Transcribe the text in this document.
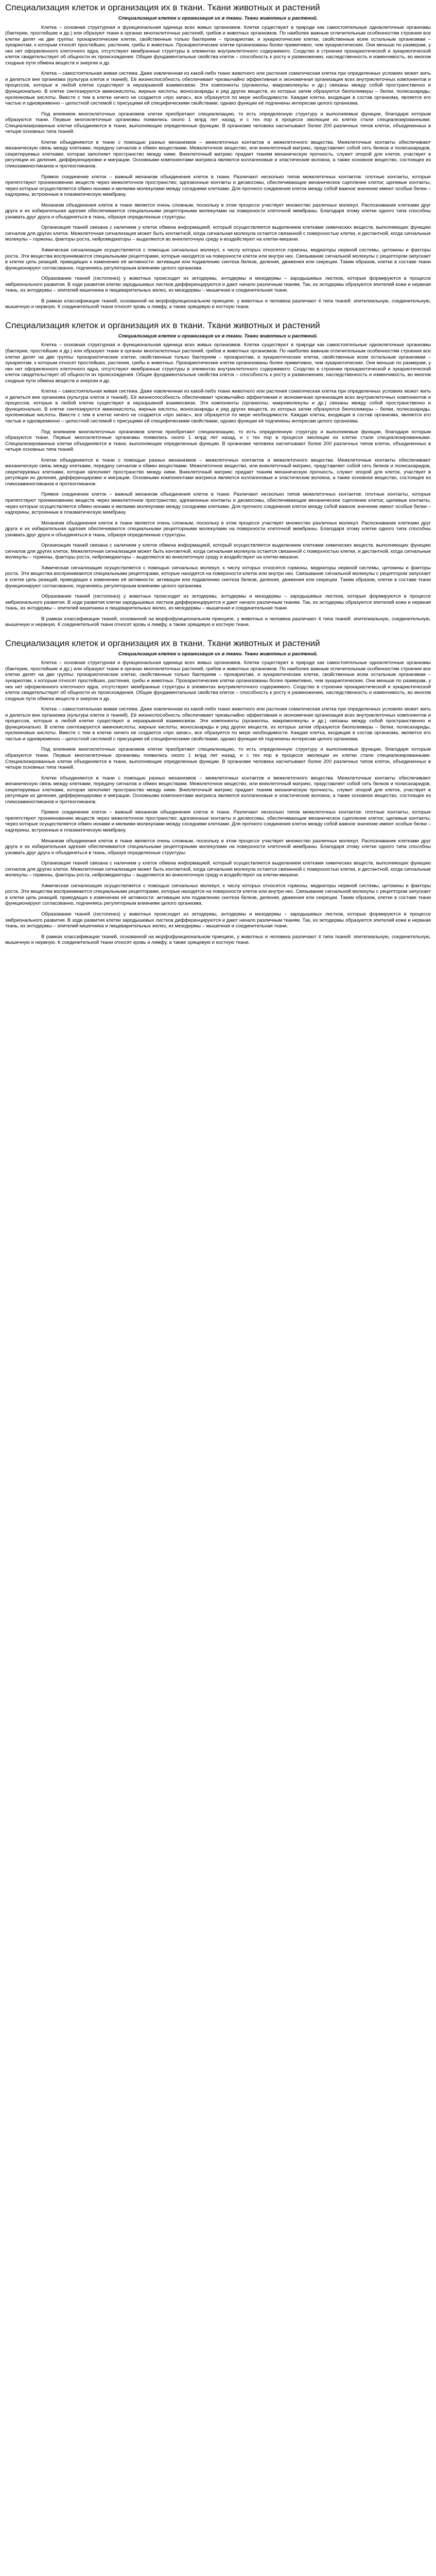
Специализация клеток и организация их в ткани. Ткани животных и растений
Специализация клеток и организация их в ткани. Ткани животных и растений.

Клетка – основная структурная и функциональная единица всех живых организмов. Клетки существуют в природе как самостоятельные одноклеточные организмы (бактерии, простейшие и др.) или образуют ткани в органах многоклеточных растений, грибов и животных организмов. По наиболее важным отличительным особенностям строения все клетки делят на две группы: прокариотические клетки, свойственные только бактериям – прокариотам, и эукариотические клетки, свойственные всем остальным организмам – эукариотам, к которым относят простейших, растения, грибы и животных. Прокариотические клетки организованы более примитивно, чем эукариотические. Они меньше по размерам, у них нет оформленного клеточного ядра, отсутствуют мембранные структуры в элементах внутриклеточного содержимого. Сходство в строении прокариотической и эукариотической клеток свидетельствует об общности их происхождения. Общие фундаментальные свойства клеток – способность к росту и размножению, наследственность и изменчивость, во многом сходные пути обмена веществ и энергии и др.

Клетка – самостоятельная живая система. Даже извлеченная из какой-либо ткани животного или растения соматическая клетка при определенных условиях может жить и делиться вне организма (культура клеток и тканей). Её жизнеспособность обеспечивает чрезвычайно эффективная и экономичная организация всех внутриклеточных компонентов и процессов, которые в любой клетке существуют в неразрывной взаимосвязи. Эти компоненты (органеллы, макромолекулы и др.) связаны между собой пространственно и функционально. В клетке синтезируются аминокислоты, жирные кислоты, моносахариды и ряд других веществ, из которых затем образуются биополимеры – белки, полисахариды, нуклеиновые кислоты. Вместе с тем в клетке ничего не создается «про запас», все образуется по мере необходимости. Каждая клетка, входящая в состав организма, является его частью и одновременно – целостной системой с присущими ей специфическими свойствами, однако функции её подчинены интересам целого организма.

Под влиянием многоклеточных организмов клетки приобретают специализацию, то есть определенную структуру и выполняемые функции, благодаря которым образуются ткани. Первые многоклеточные организмы появились около 1 млрд лет назад, и с тех пор в процессе эволюции их клетки стали специализированными. Специализированные клетки объединяются в ткани, выполняющие определенные функции. В организме человека насчитывают более 200 различных типов клеток, объединенных в четыре основных типа тканей.

Клетки объединяются в ткани с помощью разных механизмов – межклеточных контактов и межклеточного вещества. Межклеточные контакты обеспечивают механическую связь между клетками, передачу сигналов и обмен веществами. Межклеточное вещество, или внеклеточный матрикс, представляет собой сеть белков и полисахаридов, секретируемых клетками, которая заполняет пространство между ними. Внеклеточный матрикс придает тканям механическую прочность, служит опорой для клеток, участвует в регуляции их деления, дифференцировки и миграции. Основными компонентами матрикса являются коллагеновые и эластические волокна, а также основное вещество, состоящее из гликозаминогликанов и протеогликанов.

Прямое соединение клеток – важный механизм объединения клеток в ткани. Различают несколько типов межклеточных контактов: плотные контакты, которые препятствуют проникновению веществ через межклеточное пространство; адгезионные контакты и десмосомы, обеспечивающие механическое сцепление клеток; щелевые контакты, через которые осуществляется обмен ионами и мелкими молекулами между соседними клетками. Для прочного соединения клеток между собой важное значение имеют особые белки – кадгерины, встроенные в плазматическую мембрану.

Механизм объединения клеток в ткани является очень сложным, поскольку в этом процессе участвует множество различных молекул. Распознавание клетками друг друга и их избирательная адгезия обеспечиваются специальными рецепторными молекулами на поверхности клеточной мембраны. Благодаря этому клетки одного типа способны узнавать друг друга и объединяться в ткань, образуя определенные структуры.

Организация тканей связана с наличием у клеток обмена информацией, который осуществляется выделением клетками химических веществ, выполняющих функцию сигналов для других клеток. Межклеточная сигнализация может быть контактной, когда сигнальная молекула остается связанной с поверхностью клетки, и дистантной, когда сигнальные молекулы – гормоны, факторы роста, нейромедиаторы – выделяются во внеклеточную среду и воздействуют на клетки-мишени.

Химическая сигнализация осуществляется с помощью сигнальных молекул, к числу которых относятся гормоны, медиаторы нервной системы, цитокины и факторы роста. Эти вещества воспринимаются специальными рецепторами, которые находятся на поверхности клеток или внутри них. Связывание сигнальной молекулы с рецептором запускает в клетке цепь реакций, приводящих к изменению её активности: активации или подавлению синтеза белков, деления, движения или секреции. Таким образом, клетки в составе ткани функционируют согласованно, подчиняясь регуляторным влияниям целого организма.

Образование тканей (гистогенез) у животных происходит из эктодермы, энтодермы и мезодермы – зародышевых листков, которые формируются в процессе эмбрионального развития. В ходе развития клетки зародышевых листков дифференцируются и дают начало различным тканям. Так, из эктодермы образуются эпителий кожи и нервная ткань, из энтодермы – эпителий кишечника и пищеварительных желез, из мезодермы – мышечная и соединительная ткани.

В рамках классификации тканей, основанной на морфофункциональном принципе, у животных и человека различают 4 типа тканей: эпителиальную, соединительную, мышечную и нервную. К соединительной ткани относят кровь и лимфу, а также хрящевую и костную ткани.

Специализация клеток и организация их в ткани. Ткани животных и растений
Специализация клеток и организация их в ткани. Ткани животных и растений.

Клетка – основная структурная и функциональная единица всех живых организмов. Клетки существуют в природе как самостоятельные одноклеточные организмы (бактерии, простейшие и др.) или образуют ткани в органах многоклеточных растений, грибов и животных организмов. По наиболее важным отличительным особенностям строения все клетки делят на две группы: прокариотические клетки, свойственные только бактериям – прокариотам, и эукариотические клетки, свойственные всем остальным организмам – эукариотам, к которым относят простейших, растения, грибы и животных. Прокариотические клетки организованы более примитивно, чем эукариотические. Они меньше по размерам, у них нет оформленного клеточного ядра, отсутствуют мембранные структуры в элементах внутриклеточного содержимого. Сходство в строении прокариотической и эукариотической клеток свидетельствует об общности их происхождения. Общие фундаментальные свойства клеток – способность к росту и размножению, наследственность и изменчивость, во многом сходные пути обмена веществ и энергии и др.

Клетка – самостоятельная живая система. Даже извлеченная из какой-либо ткани животного или растения соматическая клетка при определенных условиях может жить и делиться вне организма (культура клеток и тканей). Её жизнеспособность обеспечивает чрезвычайно эффективная и экономичная организация всех внутриклеточных компонентов и процессов, которые в любой клетке существуют в неразрывной взаимосвязи. Эти компоненты (органеллы, макромолекулы и др.) связаны между собой пространственно и функционально. В клетке синтезируются аминокислоты, жирные кислоты, моносахариды и ряд других веществ, из которых затем образуются биополимеры – белки, полисахариды, нуклеиновые кислоты. Вместе с тем в клетке ничего не создается «про запас», все образуется по мере необходимости. Каждая клетка, входящая в состав организма, является его частью и одновременно – целостной системой с присущими ей специфическими свойствами, однако функции её подчинены интересам целого организма.

Под влиянием многоклеточных организмов клетки приобретают специализацию, то есть определенную структуру и выполняемые функции, благодаря которым образуются ткани. Первые многоклеточные организмы появились около 1 млрд лет назад, и с тех пор в процессе эволюции их клетки стали специализированными. Специализированные клетки объединяются в ткани, выполняющие определенные функции. В организме человека насчитывают более 200 различных типов клеток, объединенных в четыре основных типа тканей.

Клетки объединяются в ткани с помощью разных механизмов – межклеточных контактов и межклеточного вещества. Межклеточные контакты обеспечивают механическую связь между клетками, передачу сигналов и обмен веществами. Межклеточное вещество, или внеклеточный матрикс, представляет собой сеть белков и полисахаридов, секретируемых клетками, которая заполняет пространство между ними. Внеклеточный матрикс придает тканям механическую прочность, служит опорой для клеток, участвует в регуляции их деления, дифференцировки и миграции. Основными компонентами матрикса являются коллагеновые и эластические волокна, а также основное вещество, состоящее из гликозаминогликанов и протеогликанов.

Прямое соединение клеток – важный механизм объединения клеток в ткани. Различают несколько типов межклеточных контактов: плотные контакты, которые препятствуют проникновению веществ через межклеточное пространство; адгезионные контакты и десмосомы, обеспечивающие механическое сцепление клеток; щелевые контакты, через которые осуществляется обмен ионами и мелкими молекулами между соседними клетками. Для прочного соединения клеток между собой важное значение имеют особые белки – кадгерины, встроенные в плазматическую мембрану.

Механизм объединения клеток в ткани является очень сложным, поскольку в этом процессе участвует множество различных молекул. Распознавание клетками друг друга и их избирательная адгезия обеспечиваются специальными рецепторными молекулами на поверхности клеточной мембраны. Благодаря этому клетки одного типа способны узнавать друг друга и объединяться в ткань, образуя определенные структуры.

Организация тканей связана с наличием у клеток обмена информацией, который осуществляется выделением клетками химических веществ, выполняющих функцию сигналов для других клеток. Межклеточная сигнализация может быть контактной, когда сигнальная молекула остается связанной с поверхностью клетки, и дистантной, когда сигнальные молекулы – гормоны, факторы роста, нейромедиаторы – выделяются во внеклеточную среду и воздействуют на клетки-мишени.

Химическая сигнализация осуществляется с помощью сигнальных молекул, к числу которых относятся гормоны, медиаторы нервной системы, цитокины и факторы роста. Эти вещества воспринимаются специальными рецепторами, которые находятся на поверхности клеток или внутри них. Связывание сигнальной молекулы с рецептором запускает в клетке цепь реакций, приводящих к изменению её активности: активации или подавлению синтеза белков, деления, движения или секреции. Таким образом, клетки в составе ткани функционируют согласованно, подчиняясь регуляторным влияниям целого организма.

Образование тканей (гистогенез) у животных происходит из эктодермы, энтодермы и мезодермы – зародышевых листков, которые формируются в процессе эмбрионального развития. В ходе развития клетки зародышевых листков дифференцируются и дают начало различным тканям. Так, из эктодермы образуются эпителий кожи и нервная ткань, из энтодермы – эпителий кишечника и пищеварительных желез, из мезодермы – мышечная и соединительная ткани.

В рамках классификации тканей, основанной на морфофункциональном принципе, у животных и человека различают 4 типа тканей: эпителиальную, соединительную, мышечную и нервную. К соединительной ткани относят кровь и лимфу, а также хрящевую и костную ткани.

Специализация клеток и организация их в ткани. Ткани животных и растений
Специализация клеток и организация их в ткани. Ткани животных и растений.

Клетка – основная структурная и функциональная единица всех живых организмов. Клетки существуют в природе как самостоятельные одноклеточные организмы (бактерии, простейшие и др.) или образуют ткани в органах многоклеточных растений, грибов и животных организмов. По наиболее важным отличительным особенностям строения все клетки делят на две группы: прокариотические клетки, свойственные только бактериям – прокариотам, и эукариотические клетки, свойственные всем остальным организмам – эукариотам, к которым относят простейших, растения, грибы и животных. Прокариотические клетки организованы более примитивно, чем эукариотические. Они меньше по размерам, у них нет оформленного клеточного ядра, отсутствуют мембранные структуры в элементах внутриклеточного содержимого. Сходство в строении прокариотической и эукариотической клеток свидетельствует об общности их происхождения. Общие фундаментальные свойства клеток – способность к росту и размножению, наследственность и изменчивость, во многом сходные пути обмена веществ и энергии и др.

Клетка – самостоятельная живая система. Даже извлеченная из какой-либо ткани животного или растения соматическая клетка при определенных условиях может жить и делиться вне организма (культура клеток и тканей). Её жизнеспособность обеспечивает чрезвычайно эффективная и экономичная организация всех внутриклеточных компонентов и процессов, которые в любой клетке существуют в неразрывной взаимосвязи. Эти компоненты (органеллы, макромолекулы и др.) связаны между собой пространственно и функционально. В клетке синтезируются аминокислоты, жирные кислоты, моносахариды и ряд других веществ, из которых затем образуются биополимеры – белки, полисахариды, нуклеиновые кислоты. Вместе с тем в клетке ничего не создается «про запас», все образуется по мере необходимости. Каждая клетка, входящая в состав организма, является его частью и одновременно – целостной системой с присущими ей специфическими свойствами, однако функции её подчинены интересам целого организма.

Под влиянием многоклеточных организмов клетки приобретают специализацию, то есть определенную структуру и выполняемые функции, благодаря которым образуются ткани. Первые многоклеточные организмы появились около 1 млрд лет назад, и с тех пор в процессе эволюции их клетки стали специализированными. Специализированные клетки объединяются в ткани, выполняющие определенные функции. В организме человека насчитывают более 200 различных типов клеток, объединенных в четыре основных типа тканей.

Клетки объединяются в ткани с помощью разных механизмов – межклеточных контактов и межклеточного вещества. Межклеточные контакты обеспечивают механическую связь между клетками, передачу сигналов и обмен веществами. Межклеточное вещество, или внеклеточный матрикс, представляет собой сеть белков и полисахаридов, секретируемых клетками, которая заполняет пространство между ними. Внеклеточный матрикс придает тканям механическую прочность, служит опорой для клеток, участвует в регуляции их деления, дифференцировки и миграции. Основными компонентами матрикса являются коллагеновые и эластические волокна, а также основное вещество, состоящее из гликозаминогликанов и протеогликанов.

Прямое соединение клеток – важный механизм объединения клеток в ткани. Различают несколько типов межклеточных контактов: плотные контакты, которые препятствуют проникновению веществ через межклеточное пространство; адгезионные контакты и десмосомы, обеспечивающие механическое сцепление клеток; щелевые контакты, через которые осуществляется обмен ионами и мелкими молекулами между соседними клетками. Для прочного соединения клеток между собой важное значение имеют особые белки – кадгерины, встроенные в плазматическую мембрану.

Механизм объединения клеток в ткани является очень сложным, поскольку в этом процессе участвует множество различных молекул. Распознавание клетками друг друга и их избирательная адгезия обеспечиваются специальными рецепторными молекулами на поверхности клеточной мембраны. Благодаря этому клетки одного типа способны узнавать друг друга и объединяться в ткань, образуя определенные структуры.

Организация тканей связана с наличием у клеток обмена информацией, который осуществляется выделением клетками химических веществ, выполняющих функцию сигналов для других клеток. Межклеточная сигнализация может быть контактной, когда сигнальная молекула остается связанной с поверхностью клетки, и дистантной, когда сигнальные молекулы – гормоны, факторы роста, нейромедиаторы – выделяются во внеклеточную среду и воздействуют на клетки-мишени.

Химическая сигнализация осуществляется с помощью сигнальных молекул, к числу которых относятся гормоны, медиаторы нервной системы, цитокины и факторы роста. Эти вещества воспринимаются специальными рецепторами, которые находятся на поверхности клеток или внутри них. Связывание сигнальной молекулы с рецептором запускает в клетке цепь реакций, приводящих к изменению её активности: активации или подавлению синтеза белков, деления, движения или секреции. Таким образом, клетки в составе ткани функционируют согласованно, подчиняясь регуляторным влияниям целого организма.

Образование тканей (гистогенез) у животных происходит из эктодермы, энтодермы и мезодермы – зародышевых листков, которые формируются в процессе эмбрионального развития. В ходе развития клетки зародышевых листков дифференцируются и дают начало различным тканям. Так, из эктодермы образуются эпителий кожи и нервная ткань, из энтодермы – эпителий кишечника и пищеварительных желез, из мезодермы – мышечная и соединительная ткани.

В рамках классификации тканей, основанной на морфофункциональном принципе, у животных и человека различают 4 типа тканей: эпителиальную, соединительную, мышечную и нервную. К соединительной ткани относят кровь и лимфу, а также хрящевую и костную ткани.
